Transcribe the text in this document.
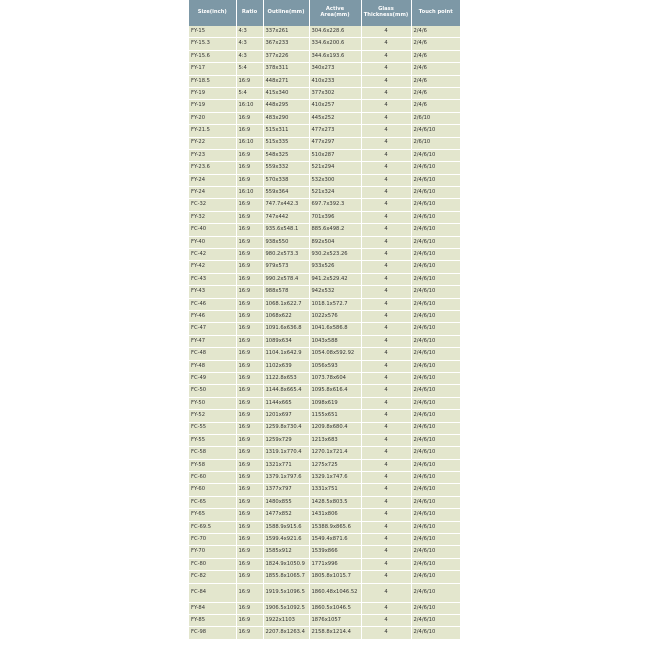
Size(inch)	Ratio	Outline(mm)	Active Area(mm)	Glass Thickness(mm)	Touch point
FY-15	4:3	337x261	304.6x228.6	4	2/4/6
FY-15.3	4:3	367x233	334.6x200.6	4	2/4/6
FY-15.6	4:3	377x226	344.6x193.6	4	2/4/6
FY-17	5:4	378x311	340x273	4	2/4/6
FY-18.5	16:9	448x271	410x233	4	2/4/6
FY-19	5:4	415x340	377x302	4	2/4/6
FY-19	16:10	448x295	410x257	4	2/4/6
FY-20	16:9	483x290	445x252	4	2/6/10
FY-21.5	16:9	515x311	477x273	4	2/4/6/10
FY-22	16:10	515x335	477x297	4	2/6/10
FY-23	16:9	548x325	510x287	4	2/4/6/10
FY-23.6	16:9	559x332	521x294	4	2/4/6/10
FY-24	16:9	570x338	532x300	4	2/4/6/10
FY-24	16:10	559x364	521x324	4	2/4/6/10
FC-32	16:9	747.7x442.3	697.7x392.3	4	2/4/6/10
FY-32	16:9	747x442	701x396	4	2/4/6/10
FC-40	16:9	935.6x548.1	885.6x498.2	4	2/4/6/10
FY-40	16:9	938x550	892x504	4	2/4/6/10
FC-42	16:9	980.2x573.3	930.2x523.26	4	2/4/6/10
FY-42	16:9	979x573	933x526	4	2/4/6/10
FC-43	16:9	990.2x578.4	941.2x529.42	4	2/4/6/10
FY-43	16:9	988x578	942x532	4	2/4/6/10
FC-46	16:9	1068.1x622.7	1018.1x572.7	4	2/4/6/10
FY-46	16:9	1068x622	1022x576	4	2/4/6/10
FC-47	16:9	1091.6x636.8	1041.6x586.8	4	2/4/6/10
FY-47	16:9	1089x634	1043x588	4	2/4/6/10
FC-48	16:9	1104.1x642.9	1054.08x592.92	4	2/4/6/10
FY-48	16:9	1102x639	1056x593	4	2/4/6/10
FC-49	16:9	1122.8x653	1073.78x604	4	2/4/6/10
FC-50	16:9	1144.8x665.4	1095.8x616.4	4	2/4/6/10
FY-50	16:9	1144x665	1098x619	4	2/4/6/10
FY-52	16:9	1201x697	1155x651	4	2/4/6/10
FC-55	16:9	1259.8x730.4	1209.8x680.4	4	2/4/6/10
FY-55	16:9	1259x729	1213x683	4	2/4/6/10
FC-58	16:9	1319.1x770.4	1270.1x721.4	4	2/4/6/10
FY-58	16:9	1321x771	1275x725	4	2/4/6/10
FC-60	16:9	1379.1x797.6	1329.1x747.6	4	2/4/6/10
FY-60	16:9	1377x797	1331x751	4	2/4/6/10
FC-65	16:9	1480x855	1428.5x803.5	4	2/4/6/10
FY-65	16:9	1477x852	1431x806	4	2/4/6/10
FC-69.5	16:9	1588.9x915.6	15388.9x865.6	4	2/4/6/10
FC-70	16:9	1599.4x921.6	1549.4x871.6	4	2/4/6/10
FY-70	16:9	1585x912	1539x866	4	2/4/6/10
FC-80	16:9	1824.9x1050.9	1771x996	4	2/4/6/10
FC-82	16:9	1855.8x1065.7	1805.8x1015.7	4	2/4/6/10
FC-84	16:9	1919.5x1096.5	1860.48x1046.52	4	2/4/6/10
FY-84	16:9	1906.5x1092.5	1860.5x1046.5	4	2/4/6/10
FY-85	16:9	1922x1103	1876x1057	4	2/4/6/10
FC-98	16:9	2207.8x1263.4	2158.8x1214.4	4	2/4/6/10
